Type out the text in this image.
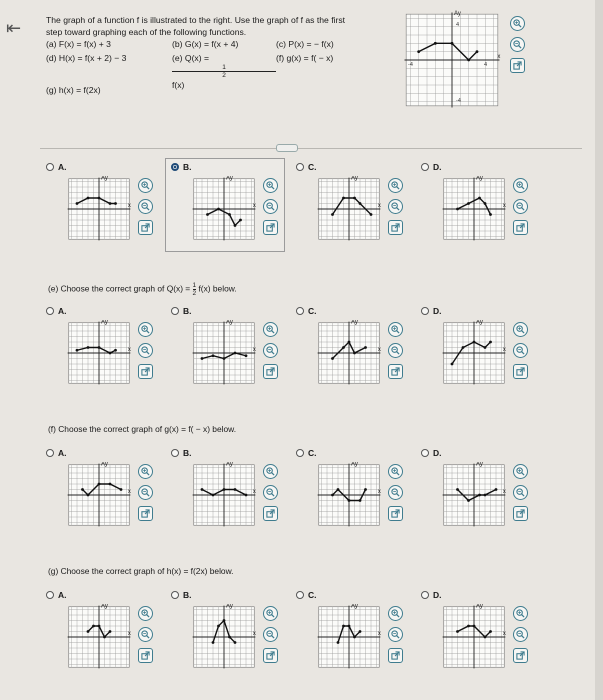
⇤	The graph of a function f is illustrated to the right. Use the graph of f as the first
step toward graphing each of the following functions.
(a) F(x) = f(x) + 3	(b) G(x) = f(x + 4)	(c) P(x) = − f(x)
(d) H(x) = f(x + 2) − 3	(e) Q(x) =
1
2
f(x)
(f) g(x) = f( − x)
(g) h(x) = f(2x)
Ay
x
4
-4	4
-4
A.
Ay
x
B.
Ay
x
C.
Ay
x
D.
Ay
x
(e) Choose the correct graph of $Q(x) = \frac{1}{2} f(x)$ below.
A.
Ay
x
B.
Ay
x
C.
Ay
x
D.
Ay
x
(f) Choose the correct graph of g(x) = f( − x) below.
A.
Ay
x
B.
Ay
x
C.
Ay
x
D.
Ay
x
(g) Choose the correct graph of h(x) = f(2x) below.
A.
Ay
x
B.
Ay
x
C.
Ay
x
D.
Ay
x
